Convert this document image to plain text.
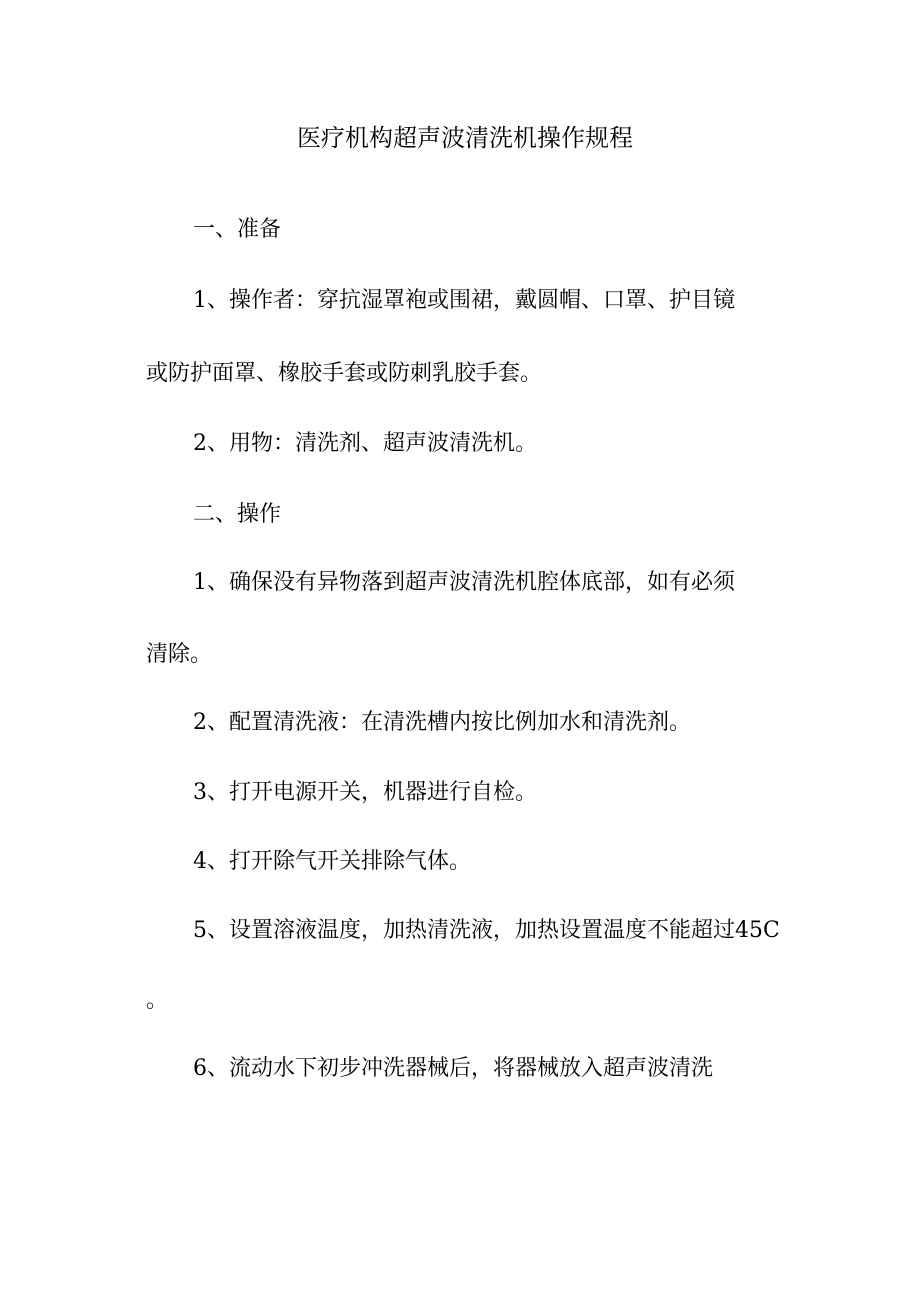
医疗机构超声波清洗机操作规程
一、准备
1、操作者：穿抗湿罩袍或围裙，戴圆帽、口罩、护目镜
或防护面罩、橡胶手套或防刺乳胶手套。
2、用物：清洗剂、超声波清洗机。
二、操作
1、确保没有异物落到超声波清洗机腔体底部，如有必须
清除。
2、配置清洗液：在清洗槽内按比例加水和清洗剂。
3、打开电源开关，机器进行自检。
4、打开除气开关排除气体。
5、设置溶液温度，加热清洗液，加热设置温度不能超过45C
。
6、流动水下初步冲洗器械后，将器械放入超声波清洗
